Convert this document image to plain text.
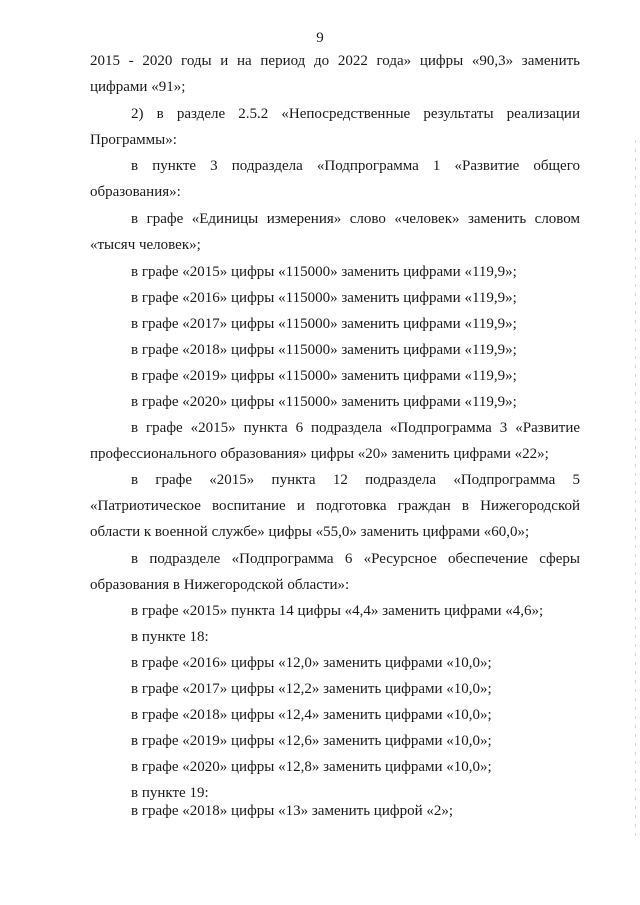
9
2015 - 2020 годы и на период до 2022 года» цифры «90,3» заменить
цифрами «91»;
2) в разделе 2.5.2 «Непосредственные результаты реализации
Программы»:
в пункте 3 подраздела «Подпрограмма 1 «Развитие общего
образования»:
в графе «Единицы измерения» слово «человек» заменить словом
«тысяч человек»;
в графе «2015» цифры «115000» заменить цифрами «119,9»;
в графе «2016» цифры «115000» заменить цифрами «119,9»;
в графе «2017» цифры «115000» заменить цифрами «119,9»;
в графе «2018» цифры «115000» заменить цифрами «119,9»;
в графе «2019» цифры «115000» заменить цифрами «119,9»;
в графе «2020» цифры «115000» заменить цифрами «119,9»;
в графе «2015» пункта 6 подраздела «Подпрограмма 3 «Развитие
профессионального образования» цифры «20» заменить цифрами «22»;
в графе «2015» пункта 12 подраздела «Подпрограмма 5
«Патриотическое воспитание и подготовка граждан в Нижегородской
области к военной службе» цифры «55,0» заменить цифрами «60,0»;
в подразделе «Подпрограмма 6 «Ресурсное обеспечение сферы
образования в Нижегородской области»:
в графе «2015» пункта 14 цифры «4,4» заменить цифрами «4,6»;
в пункте 18:
в графе «2016» цифры «12,0» заменить цифрами «10,0»;
в графе «2017» цифры «12,2» заменить цифрами «10,0»;
в графе «2018» цифры «12,4» заменить цифрами «10,0»;
в графе «2019» цифры «12,6» заменить цифрами «10,0»;
в графе «2020» цифры «12,8» заменить цифрами «10,0»;
в пункте 19:
в графе «2018» цифры «13» заменить цифрой «2»;
